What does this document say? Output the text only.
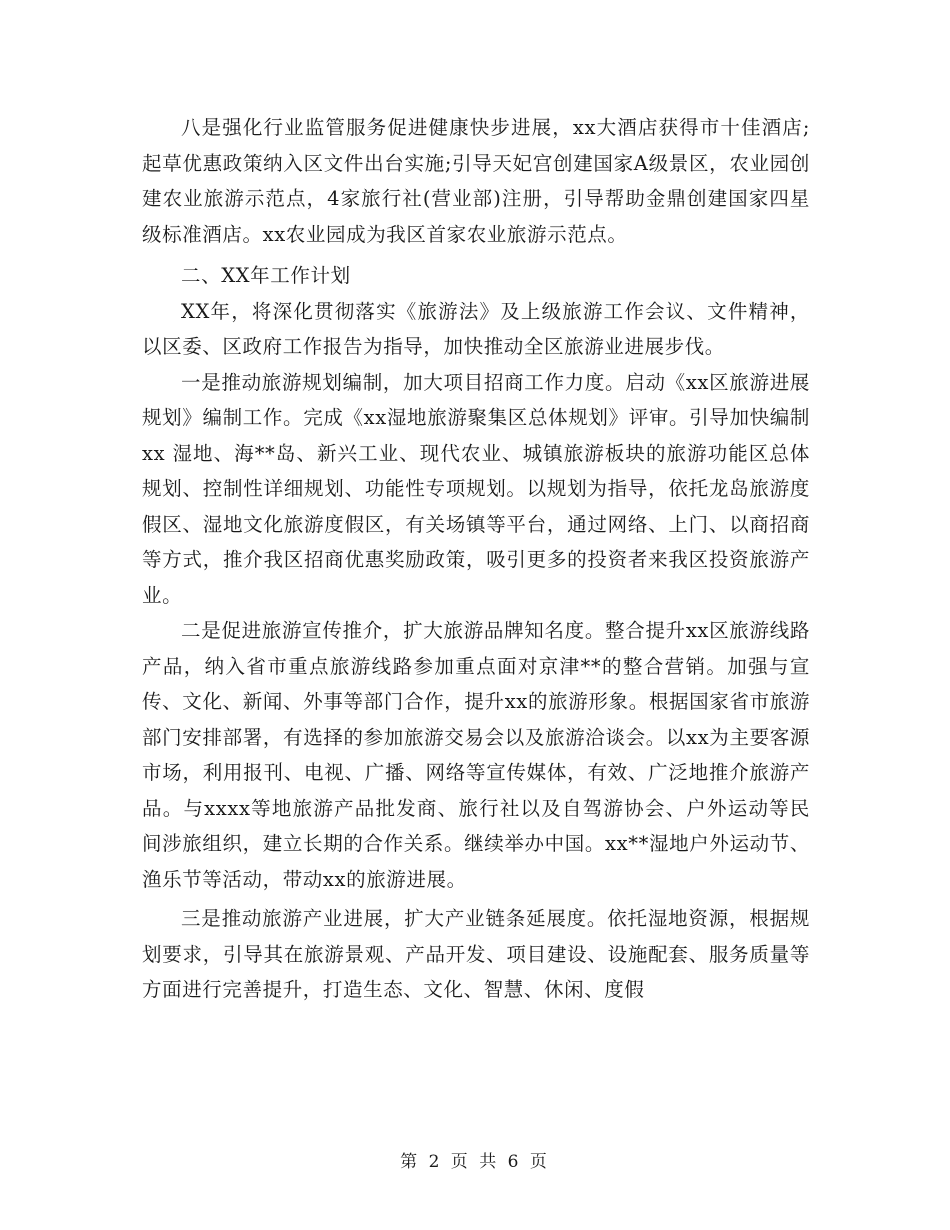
八是强化行业监管服务促进健康快步进展，xx大酒店获得市十佳酒店;起草优惠政策纳入区文件出台实施;引导天妃宫创建国家A级景区，农业园创建农业旅游示范点，4家旅行社(营业部)注册，引导帮助金鼎创建国家四星级标准酒店。xx农业园成为我区首家农业旅游示范点。

二、XX年工作计划

XX年，将深化贯彻落实《旅游法》及上级旅游工作会议、文件精神，以区委、区政府工作报告为指导，加快推动全区旅游业进展步伐。

一是推动旅游规划编制，加大项目招商工作力度。启动《xx区旅游进展规划》编制工作。完成《xx湿地旅游聚集区总体规划》评审。引导加快编制xx 湿地、海**岛、新兴工业、现代农业、城镇旅游板块的旅游功能区总体规划、控制性详细规划、功能性专项规划。以规划为指导，依托龙岛旅游度假区、湿地文化旅游度假区，有关场镇等平台，通过网络、上门、以商招商等方式，推介我区招商优惠奖励政策，吸引更多的投资者来我区投资旅游产业。

二是促进旅游宣传推介，扩大旅游品牌知名度。整合提升xx区旅游线路产品，纳入省市重点旅游线路参加重点面对京津**的整合营销。加强与宣传、文化、新闻、外事等部门合作，提升xx的旅游形象。根据国家省市旅游部门安排部署，有选择的参加旅游交易会以及旅游洽谈会。以xx为主要客源市场，利用报刊、电视、广播、网络等宣传媒体，有效、广泛地推介旅游产品。与xxxx等地旅游产品批发商、旅行社以及自驾游协会、户外运动等民间涉旅组织，建立长期的合作关系。继续举办中国。xx**湿地户外运动节、渔乐节等活动，带动xx的旅游进展。

三是推动旅游产业进展，扩大产业链条延展度。依托湿地资源，根据规划要求，引导其在旅游景观、产品开发、项目建设、设施配套、服务质量等方面进行完善提升，打造生态、文化、智慧、休闲、度假

第 2 页 共 6 页
